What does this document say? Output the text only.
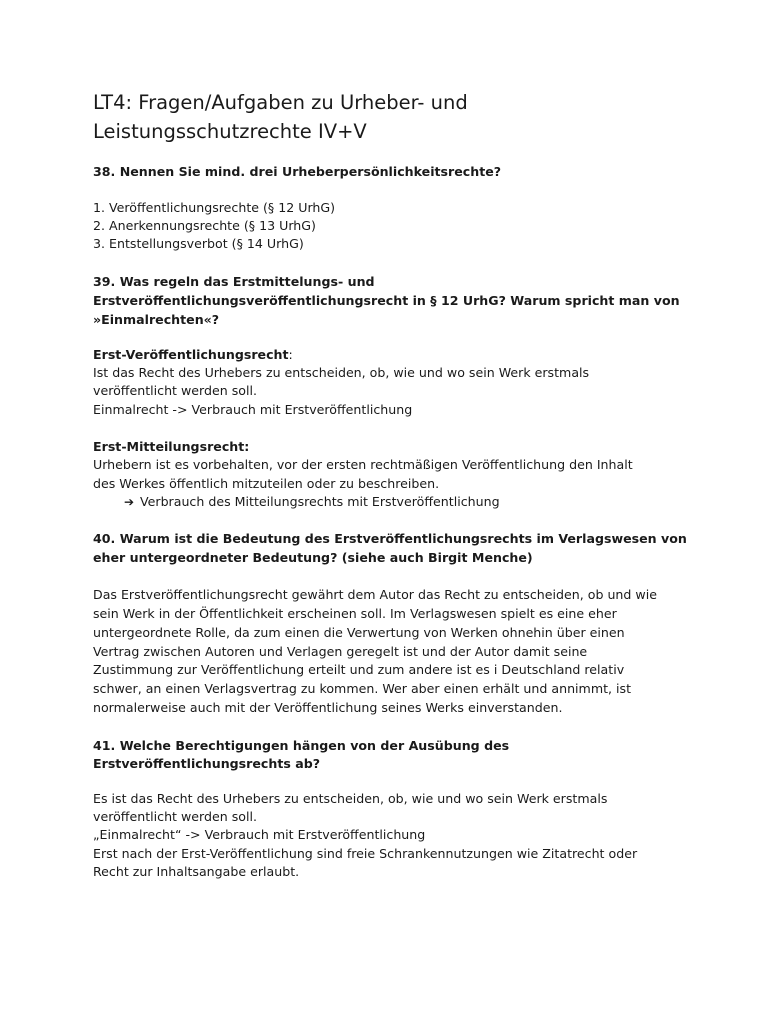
LT4: Fragen/Aufgaben zu Urheber- und
Leistungsschutzrechte IV+V

38. Nennen Sie mind. drei Urheberpersönlichkeitsrechte?

1. Veröffentlichungsrechte (§ 12 UrhG)

2. Anerkennungsrechte (§ 13 UrhG)

3. Entstellungsverbot (§ 14 UrhG)

39. Was regeln das Erstmittelungs- und

Erstveröffentlichungsveröffentlichungsrecht in § 12 UrhG? Warum spricht man von

»Einmalrechten«?

Erst-Veröffentlichungsrecht:

Ist das Recht des Urhebers zu entscheiden, ob, wie und wo sein Werk erstmals

veröffentlicht werden soll.

Einmalrecht -> Verbrauch mit Erstveröffentlichung

Erst-Mitteilungsrecht:

Urhebern ist es vorbehalten, vor der ersten rechtmäßigen Veröffentlichung den Inhalt

des Werkes öffentlich mitzuteilen oder zu beschreiben.

➔ Verbrauch des Mitteilungsrechts mit Erstveröffentlichung

40. Warum ist die Bedeutung des Erstveröffentlichungsrechts im Verlagswesen von

eher untergeordneter Bedeutung? (siehe auch Birgit Menche)

Das Erstveröffentlichungsrecht gewährt dem Autor das Recht zu entscheiden, ob und wie

sein Werk in der Öffentlichkeit erscheinen soll. Im Verlagswesen spielt es eine eher

untergeordnete Rolle, da zum einen die Verwertung von Werken ohnehin über einen

Vertrag zwischen Autoren und Verlagen geregelt ist und der Autor damit seine

Zustimmung zur Veröffentlichung erteilt und zum andere ist es i Deutschland relativ

schwer, an einen Verlagsvertrag zu kommen. Wer aber einen erhält und annimmt, ist

normalerweise auch mit der Veröffentlichung seines Werks einverstanden.

41. Welche Berechtigungen hängen von der Ausübung des

Erstveröffentlichungsrechts ab?

Es ist das Recht des Urhebers zu entscheiden, ob, wie und wo sein Werk erstmals

veröffentlicht werden soll.

„Einmalrecht“ -> Verbrauch mit Erstveröffentlichung

Erst nach der Erst-Veröffentlichung sind freie Schrankennutzungen wie Zitatrecht oder

Recht zur Inhaltsangabe erlaubt.
